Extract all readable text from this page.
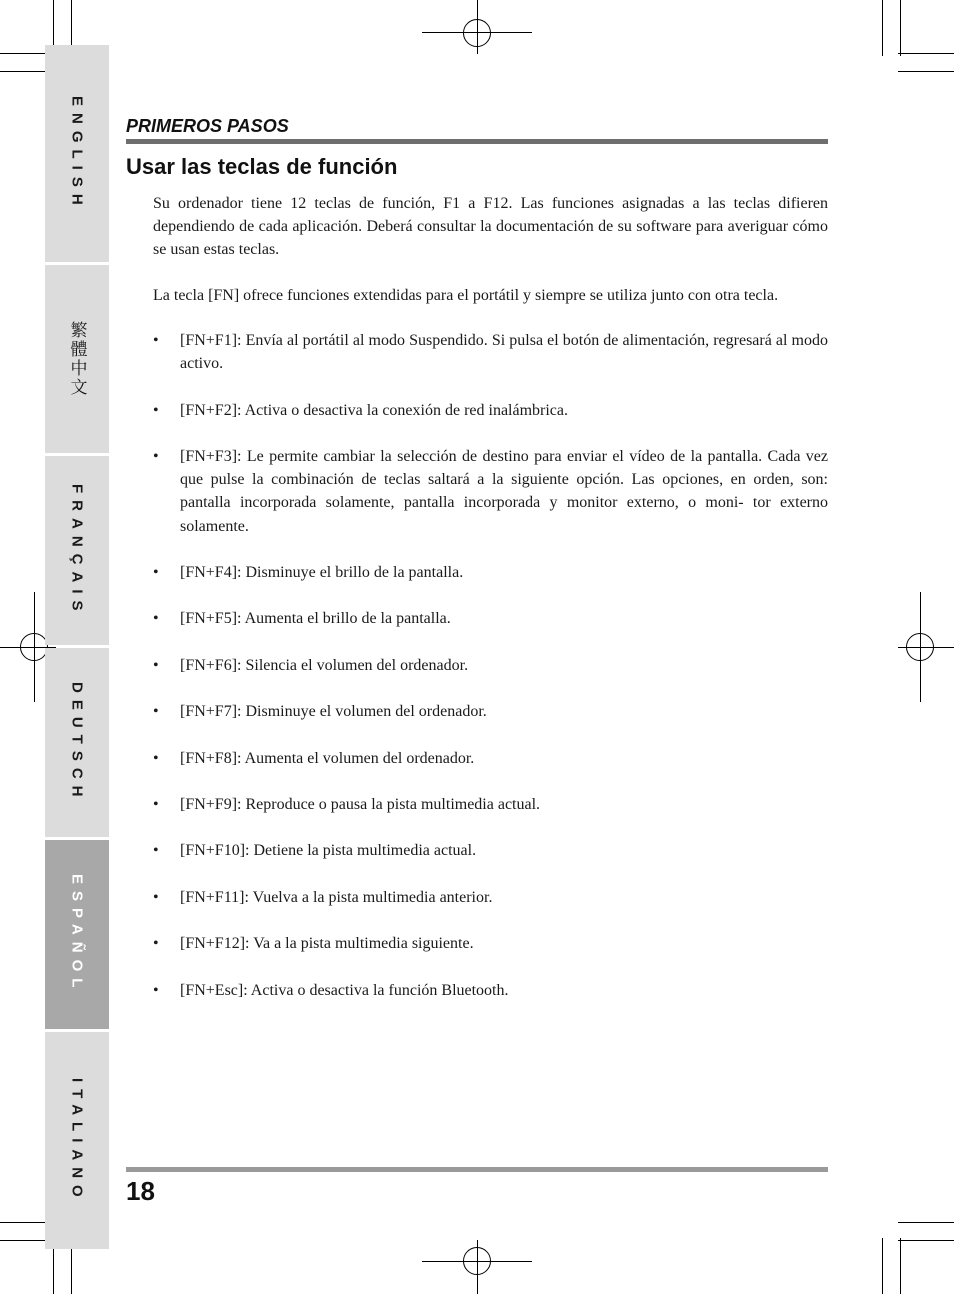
ENGLISH
繁體中文
FRANÇAIS
DEUTSCH
ESPAÑOL
ITALIANO
PRIMEROS PASOS
Usar las teclas de función

Su ordenador tiene 12 teclas de función, F1 a F12. Las funciones asignadas a las teclas difieren dependiendo de cada aplicación. Deberá consultar la documentación de su software para averiguar cómo se usan estas teclas.

La tecla [FN] ofrece funciones extendidas para el portátil y siempre se utiliza junto con otra tecla.

• [FN+F1]: Envía al portátil al modo Suspendido. Si pulsa el botón de alimentación, regresará al modo activo.
• [FN+F2]: Activa o desactiva la conexión de red inalámbrica.
• [FN+F3]: Le permite cambiar la selección de destino para enviar el vídeo de la pantalla. Cada vez que pulse la combinación de teclas saltará a la siguiente opción. Las opciones, en orden, son: pantalla incorporada solamente, pantalla incorporada y monitor externo, o moni- tor externo solamente.
• [FN+F4]: Disminuye el brillo de la pantalla.
• [FN+F5]: Aumenta el brillo de la pantalla.
• [FN+F6]: Silencia el volumen del ordenador.
• [FN+F7]: Disminuye el volumen del ordenador.
• [FN+F8]: Aumenta el volumen del ordenador.
• [FN+F9]: Reproduce o pausa la pista multimedia actual.
• [FN+F10]: Detiene la pista multimedia actual.
• [FN+F11]: Vuelva a la pista multimedia anterior.
• [FN+F12]: Va a la pista multimedia siguiente.
• [FN+Esc]: Activa o desactiva la función Bluetooth.
18
